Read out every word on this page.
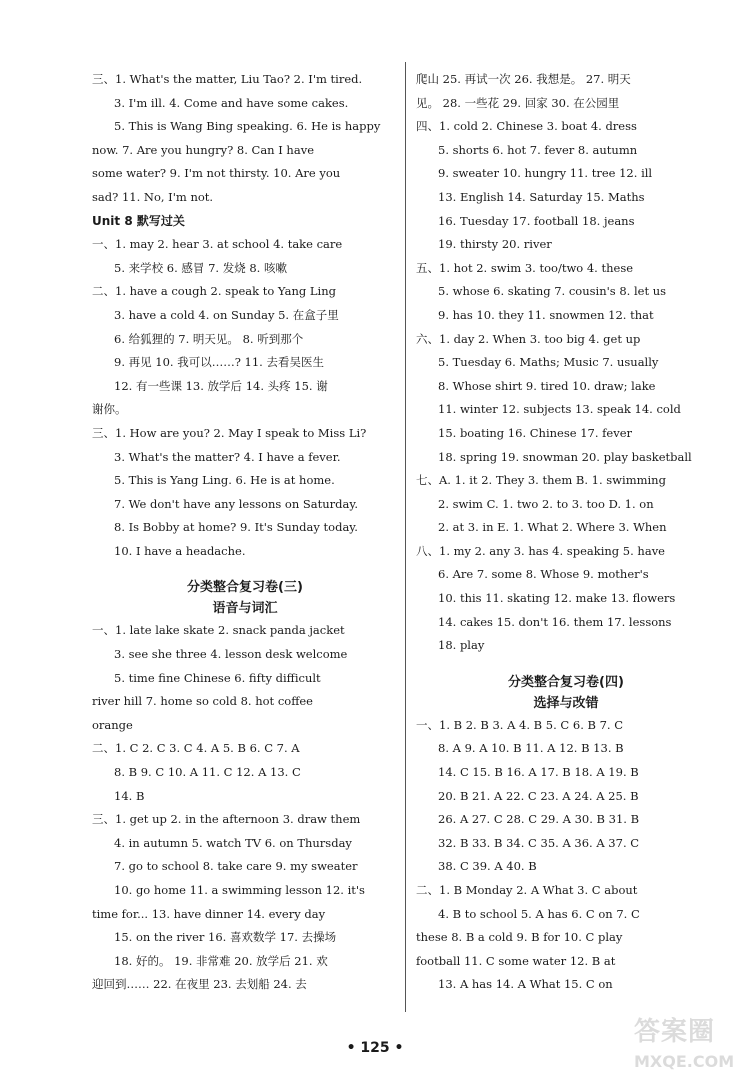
三、1. What's the matter, Liu Tao? 2. I'm tired.
3. I'm ill. 4. Come and have some cakes.
5. This is Wang Bing speaking. 6. He is happy
now. 7. Are you hungry? 8. Can I have
some water? 9. I'm not thirsty. 10. Are you
sad? 11. No, I'm not.
Unit 8 默写过关
一、1. may 2. hear 3. at school 4. take care
5. 来学校 6. 感冒 7. 发烧 8. 咳嗽
二、1. have a cough 2. speak to Yang Ling
3. have a cold 4. on Sunday 5. 在盒子里
6. 给狐狸的 7. 明天见。 8. 听到那个
9. 再见 10. 我可以……? 11. 去看吴医生
12. 有一些课 13. 放学后 14. 头疼 15. 谢
谢你。
三、1. How are you? 2. May I speak to Miss Li?
3. What's the matter? 4. I have a fever.
5. This is Yang Ling. 6. He is at home.
7. We don't have any lessons on Saturday.
8. Is Bobby at home? 9. It's Sunday today.
10. I have a headache.
分类整合复习卷(三)
语音与词汇
一、1. late lake skate 2. snack panda jacket
3. see she three 4. lesson desk welcome
5. time fine Chinese 6. fifty difficult
river hill 7. home so cold 8. hot coffee
orange
二、1. C 2. C 3. C 4. A 5. B 6. C 7. A
8. B 9. C 10. A 11. C 12. A 13. C
14. B
三、1. get up 2. in the afternoon 3. draw them
4. in autumn 5. watch TV 6. on Thursday
7. go to school 8. take care 9. my sweater
10. go home 11. a swimming lesson 12. it's
time for... 13. have dinner 14. every day
15. on the river 16. 喜欢数学 17. 去操场
18. 好的。 19. 非常难 20. 放学后 21. 欢
迎回到…… 22. 在夜里 23. 去划船 24. 去
爬山 25. 再试一次 26. 我想是。 27. 明天
见。 28. 一些花 29. 回家 30. 在公园里
四、1. cold 2. Chinese 3. boat 4. dress
5. shorts 6. hot 7. fever 8. autumn
9. sweater 10. hungry 11. tree 12. ill
13. English 14. Saturday 15. Maths
16. Tuesday 17. football 18. jeans
19. thirsty 20. river
五、1. hot 2. swim 3. too/two 4. these
5. whose 6. skating 7. cousin's 8. let us
9. has 10. they 11. snowmen 12. that
六、1. day 2. When 3. too big 4. get up
5. Tuesday 6. Maths; Music 7. usually
8. Whose shirt 9. tired 10. draw; lake
11. winter 12. subjects 13. speak 14. cold
15. boating 16. Chinese 17. fever
18. spring 19. snowman 20. play basketball
七、A. 1. it 2. They 3. them B. 1. swimming
2. swim C. 1. two 2. to 3. too D. 1. on
2. at 3. in E. 1. What 2. Where 3. When
八、1. my 2. any 3. has 4. speaking 5. have
6. Are 7. some 8. Whose 9. mother's
10. this 11. skating 12. make 13. flowers
14. cakes 15. don't 16. them 17. lessons
18. play
分类整合复习卷(四)
选择与改错
一、1. B 2. B 3. A 4. B 5. C 6. B 7. C
8. A 9. A 10. B 11. A 12. B 13. B
14. C 15. B 16. A 17. B 18. A 19. B
20. B 21. A 22. C 23. A 24. A 25. B
26. A 27. C 28. C 29. A 30. B 31. B
32. B 33. B 34. C 35. A 36. A 37. C
38. C 39. A 40. B
二、1. B Monday 2. A What 3. C about
4. B to school 5. A has 6. C on 7. C
these 8. B a cold 9. B for 10. C play
football 11. C some water 12. B at
13. A has 14. A What 15. C on
• 125 •
答案圈
MXQE.COM
